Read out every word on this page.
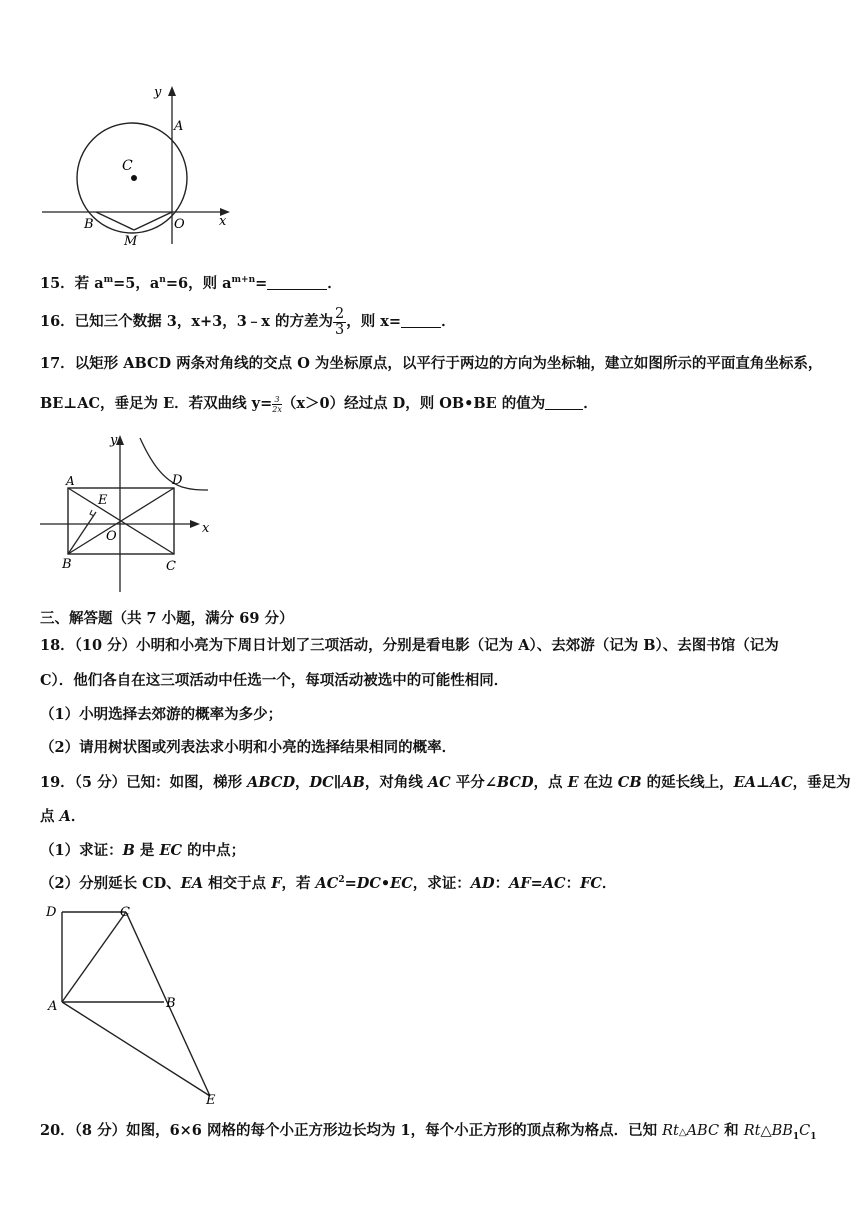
y
x
A
C
B	O
M
15．若 $a^m=5$，$a^n=6$，则 $a^{m+n}=$	．
16．已知三个数据 3，x+3，3﹣x 的方差为 $\frac{2}{3}$ ，则 x=	．
17．以矩形 ABCD 两条对角线的交点 O 为坐标原点，以平行于两边的方向为坐标轴，建立如图所示的平面直角坐标系，
BE⊥AC，垂足为 E．若双曲线 $y= \frac{3}{2x} (x>0)$经过点 D，则 OB•BE 的值为	．
y
x
A	D
E
O
B	C
三、解答题（共 7 小题，满分 69 分）
18．（10 分）小明和小亮为下周日计划了三项活动，分别是看电影（记为 A）、去郊游（记为 B）、去图书馆（记为
C）．他们各自在这三项活动中任选一个，每项活动被选中的可能性相同．
（1）小明选择去郊游的概率为多少；
（2）请用树状图或列表法求小明和小亮的选择结果相同的概率．
19．（5 分）已知：如图，梯形 ABCD，DC∥AB，对角线 AC 平分∠BCD，点 E 在边 CB 的延长线上，EA⊥AC，垂足为
点 A．
（1）求证：B 是 EC 的中点；
（2）分别延长 CD、EA 相交于点 F，若 $AC^2=DC•EC$，求证：AD：AF=AC：FC．
D	C
A	B
E
20．（8 分）如图，6×6 网格的每个小正方形边长均为 1，每个小正方形的顶点称为格点．已知 Rt△ABC 和 $Rt\triangle BB_1C_1$
